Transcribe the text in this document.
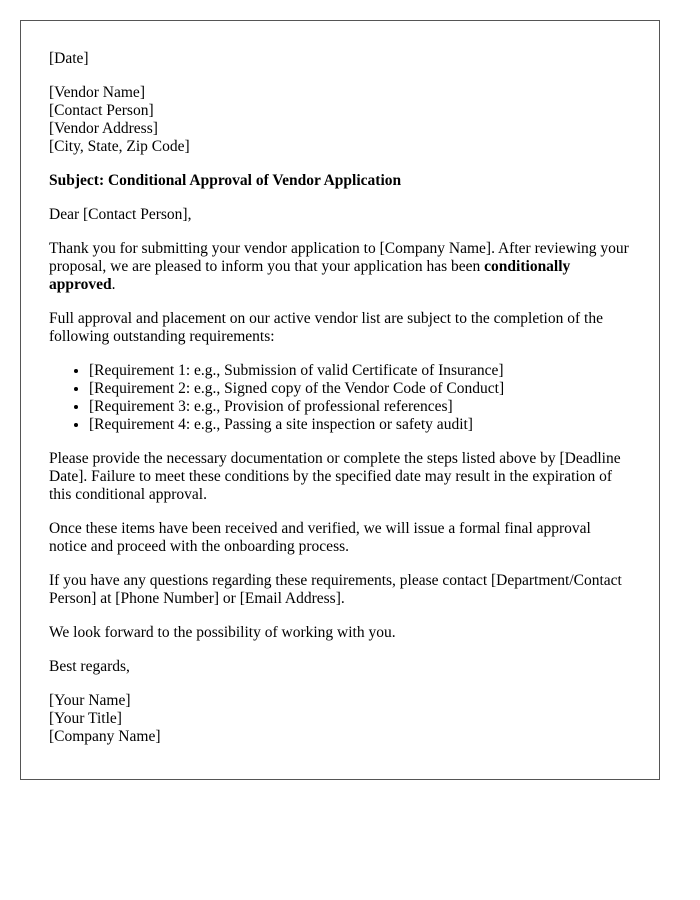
[Date]

[Vendor Name]
[Contact Person]
[Vendor Address]
[City, State, Zip Code]

Subject: Conditional Approval of Vendor Application

Dear [Contact Person],

Thank you for submitting your vendor application to [Company Name]. After reviewing your proposal, we are pleased to inform you that your application has been conditionally approved.

Full approval and placement on our active vendor list are subject to the completion of the following outstanding requirements:

• [Requirement 1: e.g., Submission of valid Certificate of Insurance]
• [Requirement 2: e.g., Signed copy of the Vendor Code of Conduct]
• [Requirement 3: e.g., Provision of professional references]
• [Requirement 4: e.g., Passing a site inspection or safety audit]

Please provide the necessary documentation or complete the steps listed above by [Deadline Date]. Failure to meet these conditions by the specified date may result in the expiration of this conditional approval.

Once these items have been received and verified, we will issue a formal final approval notice and proceed with the onboarding process.

If you have any questions regarding these requirements, please contact [Department/Contact Person] at [Phone Number] or [Email Address].

We look forward to the possibility of working with you.

Best regards,

[Your Name]
[Your Title]
[Company Name]
